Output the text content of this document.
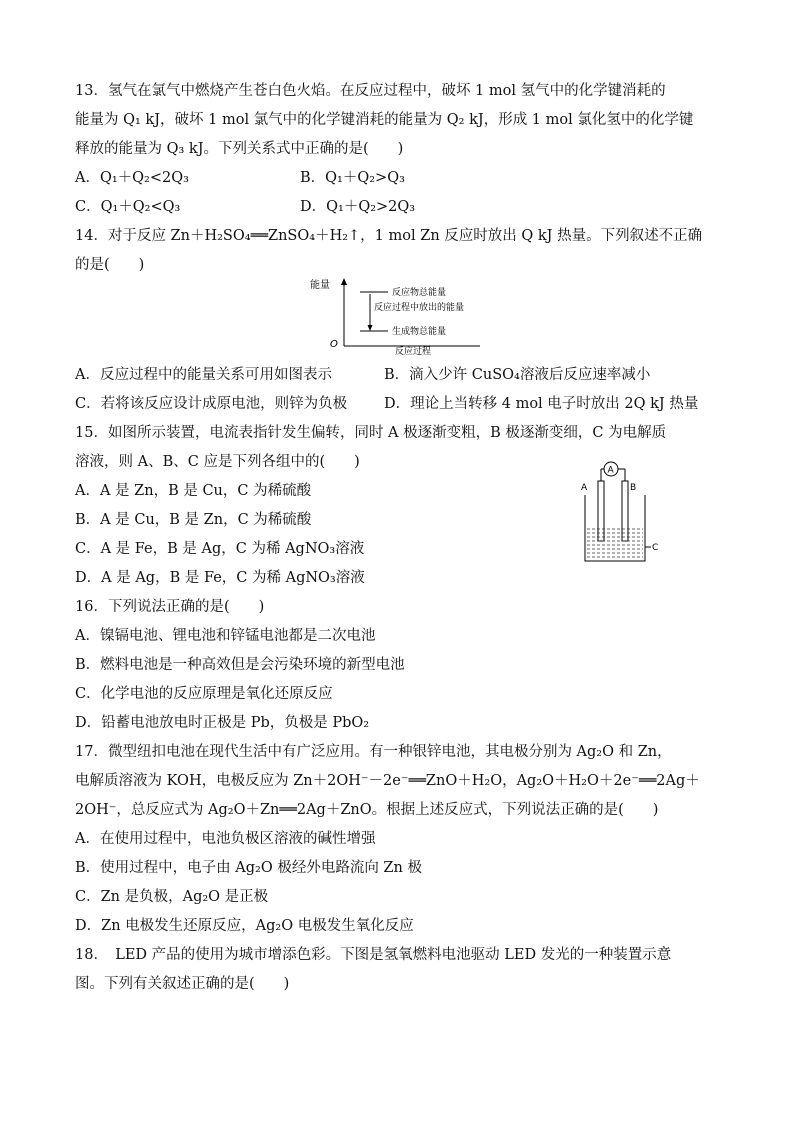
13．氢气在氯气中燃烧产生苍白色火焰。在反应过程中，破坏 1 mol 氢气中的化学键消耗的
能量为 Q₁ kJ，破坏 1 mol 氯气中的化学键消耗的能量为 Q₂ kJ，形成 1 mol 氯化氢中的化学键
释放的能量为 Q₃ kJ。下列关系式中正确的是(　　)
A．Q₁＋Q₂<2Q₃	B．Q₁＋Q₂>Q₃
C．Q₁＋Q₂<Q₃	D．Q₁＋Q₂>2Q₃
14．对于反应 Zn＋H₂SO₄══ZnSO₄＋H₂↑，1 mol Zn 反应时放出 Q kJ 热量。下列叙述不正确
的是(　　)
能量
O
反应过程
反应物总能量
反应过程中放出的能量
生成物总能量
A．反应过程中的能量关系可用如图表示	B．滴入少许 CuSO₄溶液后反应速率减小
C．若将该反应设计成原电池，则锌为负极	D．理论上当转移 4 mol 电子时放出 2Q kJ 热量
15．如图所示装置，电流表指针发生偏转，同时 A 极逐渐变粗，B 极逐渐变细，C 为电解质
溶液，则 A、B、C 应是下列各组中的(　　)
A．A 是 Zn，B 是 Cu，C 为稀硫酸
B．A 是 Cu，B 是 Zn，C 为稀硫酸
C．A 是 Fe，B 是 Ag，C 为稀 AgNO₃溶液
D．A 是 Ag，B 是 Fe，C 为稀 AgNO₃溶液
A
A	B
C
16．下列说法正确的是(　　)
A．镍镉电池、锂电池和锌锰电池都是二次电池
B．燃料电池是一种高效但是会污染环境的新型电池
C．化学电池的反应原理是氧化还原反应
D．铅蓄电池放电时正极是 Pb，负极是 PbO₂
17．微型纽扣电池在现代生活中有广泛应用。有一种银锌电池，其电极分别为 Ag₂O 和 Zn，
电解质溶液为 KOH，电极反应为 Zn＋2OH⁻－2e⁻══ZnO＋H₂O，Ag₂O＋H₂O＋2e⁻══2Ag＋
2OH⁻，总反应式为 Ag₂O＋Zn══2Ag＋ZnO。根据上述反应式，下列说法正确的是(　　)
A．在使用过程中，电池负极区溶液的碱性增强
B．使用过程中，电子由 Ag₂O 极经外电路流向 Zn 极
C．Zn 是负极，Ag₂O 是正极
D．Zn 电极发生还原反应，Ag₂O 电极发生氧化反应
18．　LED 产品的使用为城市增添色彩。下图是氢氧燃料电池驱动 LED 发光的一种装置示意
图。下列有关叙述正确的是(　　)
